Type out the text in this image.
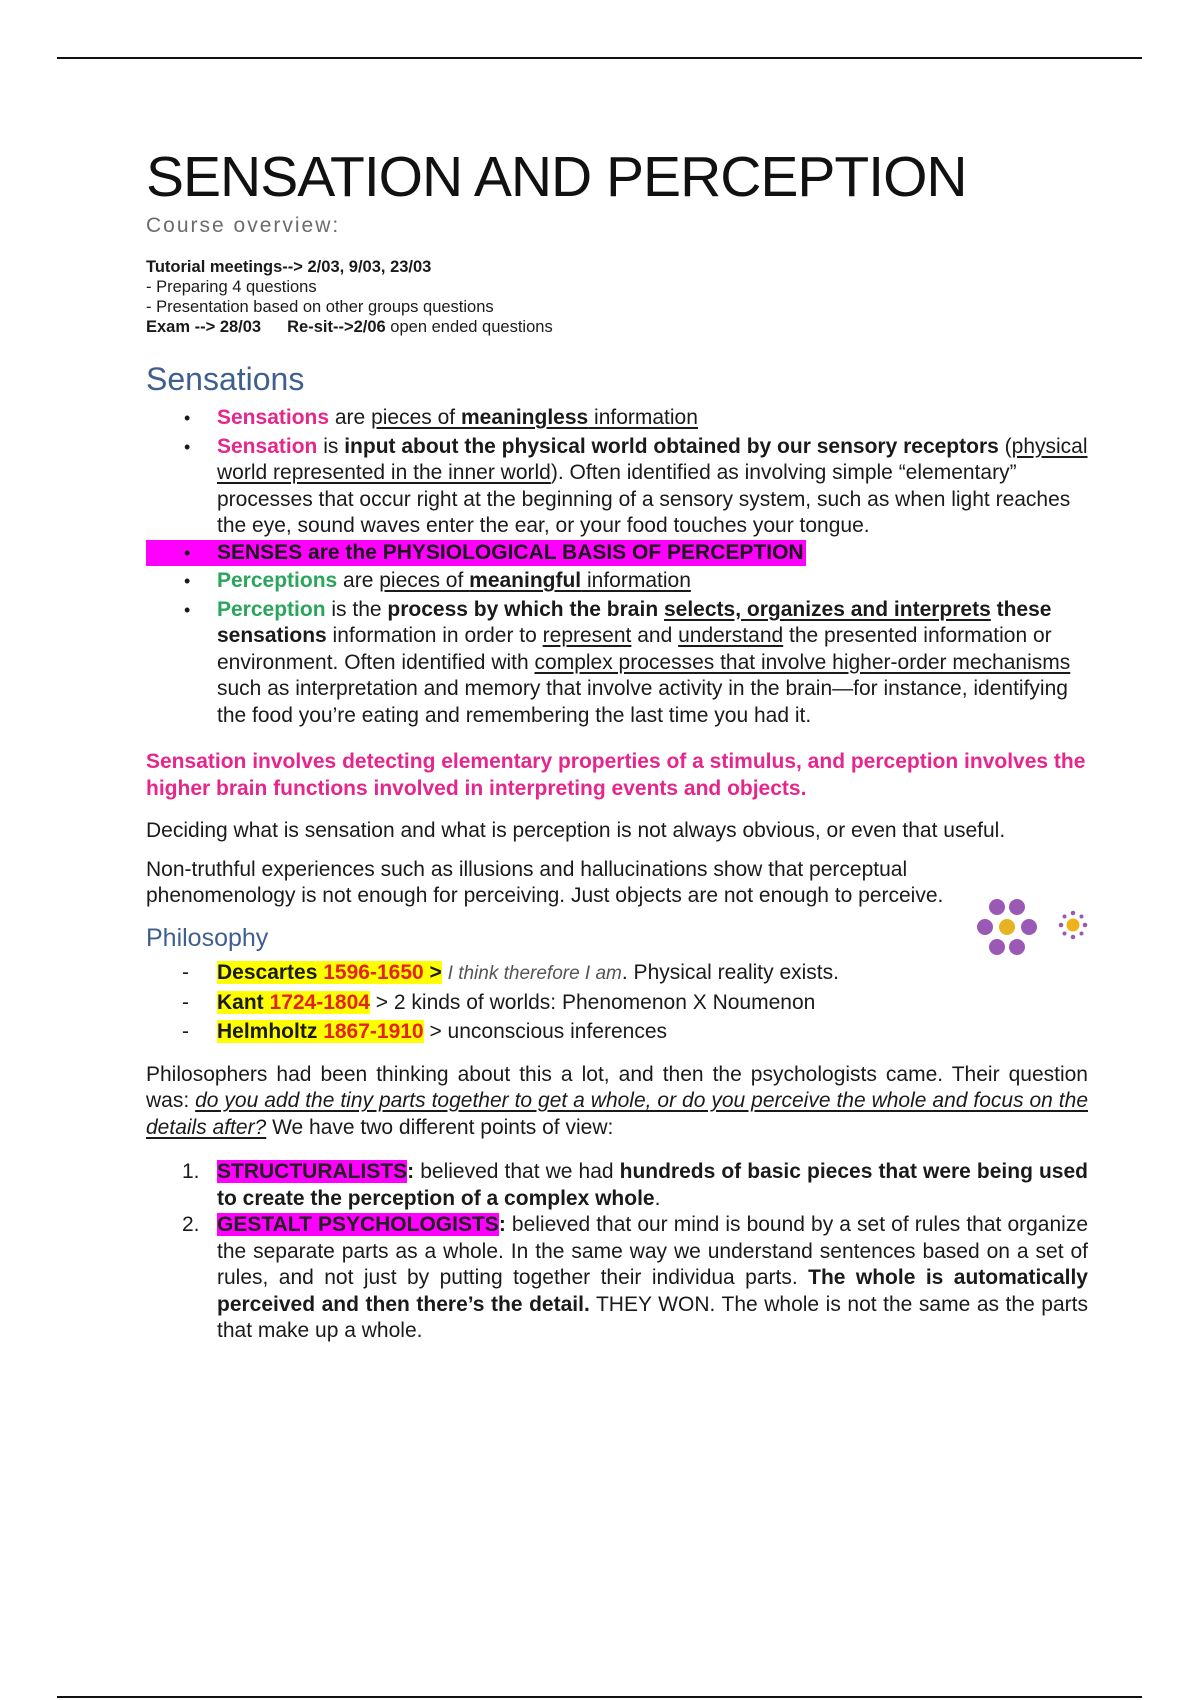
SENSATION AND PERCEPTION
Course overview:
Tutorial meetings--> 2/03, 9/03, 23/03
- Preparing 4 questions
- Presentation based on other groups questions
Exam --> 28/03 Re-sit-->2/06 open ended questions
Sensations
• Sensations are pieces of meaningless information
• Sensation is input about the physical world obtained by our sensory receptors (physical world represented in the inner world). Often identified as involving simple “elementary” processes that occur right at the beginning of a sensory system, such as when light reaches the eye, sound waves enter the ear, or your food touches your tongue.
• SENSES are the PHYSIOLOGICAL BASIS OF PERCEPTION
• Perceptions are pieces of meaningful information
• Perception is the process by which the brain selects, organizes and interprets these sensations information in order to represent and understand the presented information or environment. Often identified with complex processes that involve higher-order mechanisms such as interpretation and memory that involve activity in the brain—for instance, identifying the food you’re eating and remembering the last time you had it.
Sensation involves detecting elementary properties of a stimulus, and perception involves the higher brain functions involved in interpreting events and objects.

Deciding what is sensation and what is perception is not always obvious, or even that useful.

Non-truthful experiences such as illusions and hallucinations show that perceptual phenomenology is not enough for perceiving. Just objects are not enough to perceive.
Philosophy
- Descartes 1596-1650 > I think therefore I am. Physical reality exists.
- Kant 1724-1804 > 2 kinds of worlds: Phenomenon X Noumenon
- Helmholtz 1867-1910 > unconscious inferences

Philosophers had been thinking about this a lot, and then the psychologists came. Their question was: do you add the tiny parts together to get a whole, or do you perceive the whole and focus on the details after? We have two different points of view:

1. STRUCTURALISTS: believed that we had hundreds of basic pieces that were being used to create the perception of a complex whole.
2. GESTALT PSYCHOLOGISTS: believed that our mind is bound by a set of rules that organize the separate parts as a whole. In the same way we understand sentences based on a set of rules, and not just by putting together their individua parts. The whole is automatically perceived and then there’s the detail. THEY WON. The whole is not the same as the parts that make up a whole.
